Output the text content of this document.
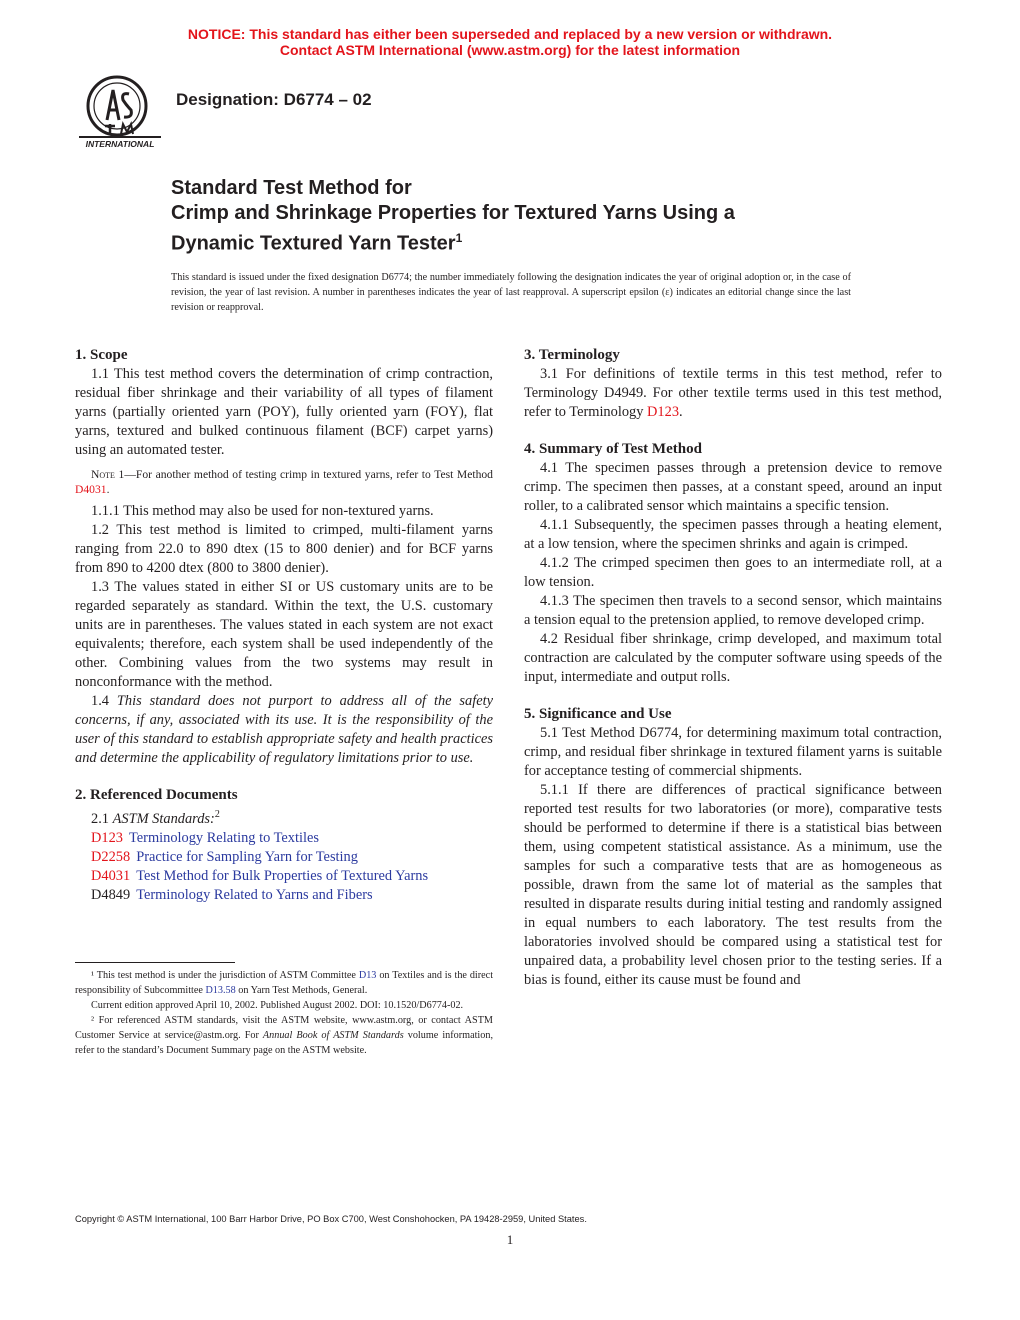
NOTICE: This standard has either been superseded and replaced by a new version or withdrawn.
Contact ASTM International (www.astm.org) for the latest information
INTERNATIONAL
Designation: D6774 – 02
Standard Test Method for
Crimp and Shrinkage Properties for Textured Yarns Using a
Dynamic Textured Yarn Tester$^1$
This standard is issued under the fixed designation D6774; the number immediately following the designation indicates the year of original adoption or, in the case of revision, the year of last revision. A number in parentheses indicates the year of last reapproval. A superscript epsilon (ε) indicates an editorial change since the last revision or reapproval.

1. Scope

1.1 This test method covers the determination of crimp contraction, residual fiber shrinkage and their variability of all types of filament yarns (partially oriented yarn (POY), fully oriented yarn (FOY), flat yarns, textured and bulked continuous filament (BCF) carpet yarns) using an automated tester.

Note 1—For another method of testing crimp in textured yarns, refer to Test Method D4031.

1.1.1 This method may also be used for non-textured yarns.

1.2 This test method is limited to crimped, multi-filament yarns ranging from 22.0 to 890 dtex (15 to 800 denier) and for BCF yarns from 890 to 4200 dtex (800 to 3800 denier).

1.3 The values stated in either SI or US customary units are to be regarded separately as standard. Within the text, the U.S. customary units are in parentheses. The values stated in each system are not exact equivalents; therefore, each system shall be used independently of the other. Combining values from the two systems may result in nonconformance with the method.

1.4 This standard does not purport to address all of the safety concerns, if any, associated with its use. It is the responsibility of the user of this standard to establish appropriate safety and health practices and determine the applicability of regulatory limitations prior to use.

2. Referenced Documents

2.1 ASTM Standards:$^2$

D123 Terminology Relating to Textiles

D2258 Practice for Sampling Yarn for Testing

D4031 Test Method for Bulk Properties of Textured Yarns

D4849 Terminology Related to Yarns and Fibers

3. Terminology

3.1 For definitions of textile terms in this test method, refer to Terminology D4949. For other textile terms used in this test method, refer to Terminology D123.

4. Summary of Test Method

4.1 The specimen passes through a pretension device to remove crimp. The specimen then passes, at a constant speed, around an input roller, to a calibrated sensor which maintains a specific tension.

4.1.1 Subsequently, the specimen passes through a heating element, at a low tension, where the specimen shrinks and again is crimped.

4.1.2 The crimped specimen then goes to an intermediate roll, at a low tension.

4.1.3 The specimen then travels to a second sensor, which maintains a tension equal to the pretension applied, to remove developed crimp.

4.2 Residual fiber shrinkage, crimp developed, and maximum total contraction are calculated by the computer software using speeds of the input, intermediate and output rolls.

5. Significance and Use

5.1 Test Method D6774, for determining maximum total contraction, crimp, and residual fiber shrinkage in textured filament yarns is suitable for acceptance testing of commercial shipments.

5.1.1 If there are differences of practical significance between reported test results for two laboratories (or more), comparative tests should be performed to determine if there is a statistical bias between them, using competent statistical assistance. As a minimum, use the samples for such a comparative tests that are as homogeneous as possible, drawn from the same lot of material as the samples that resulted in disparate results during initial testing and randomly assigned in equal numbers to each laboratory. The test results from the laboratories involved should be compared using a statistical test for unpaired data, a probability level chosen prior to the testing series. If a bias is found, either its cause must be found and

¹ This test method is under the jurisdiction of ASTM Committee D13 on Textiles and is the direct responsibility of Subcommittee D13.58 on Yarn Test Methods, General.

Current edition approved April 10, 2002. Published August 2002. DOI: 10.1520/D6774-02.

² For referenced ASTM standards, visit the ASTM website, www.astm.org, or contact ASTM Customer Service at service@astm.org. For Annual Book of ASTM Standards volume information, refer to the standard’s Document Summary page on the ASTM website.

Copyright © ASTM International, 100 Barr Harbor Drive, PO Box C700, West Conshohocken, PA 19428-2959, United States.
1
